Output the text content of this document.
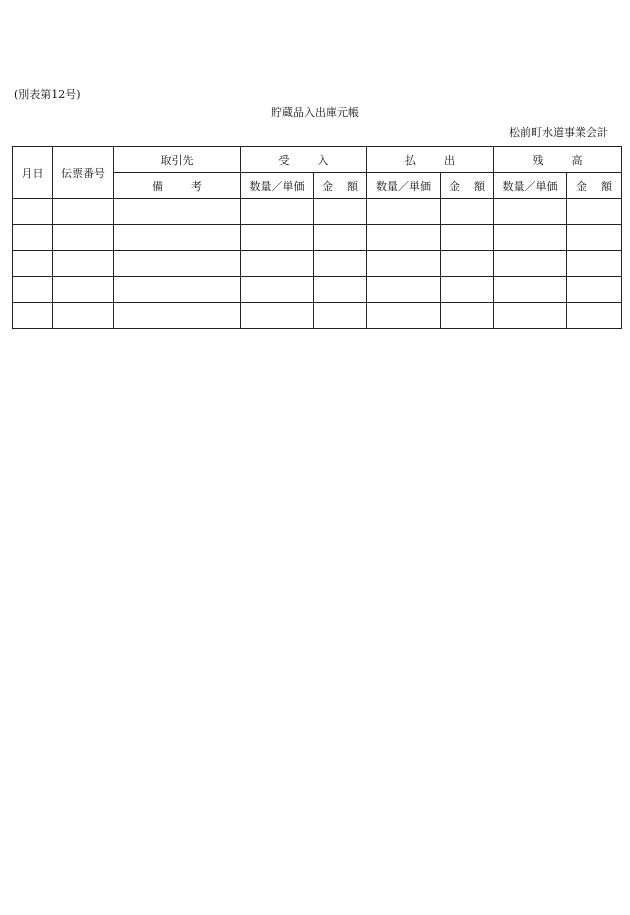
(別表第12号)
貯蔵品入出庫元帳
松前町水道事業会計
月日	伝票番号	取引先	受 入		払 出		残 高	
		備 考	数量／単価	金 額	数量／単価	金 額	数量／単価	金 額
